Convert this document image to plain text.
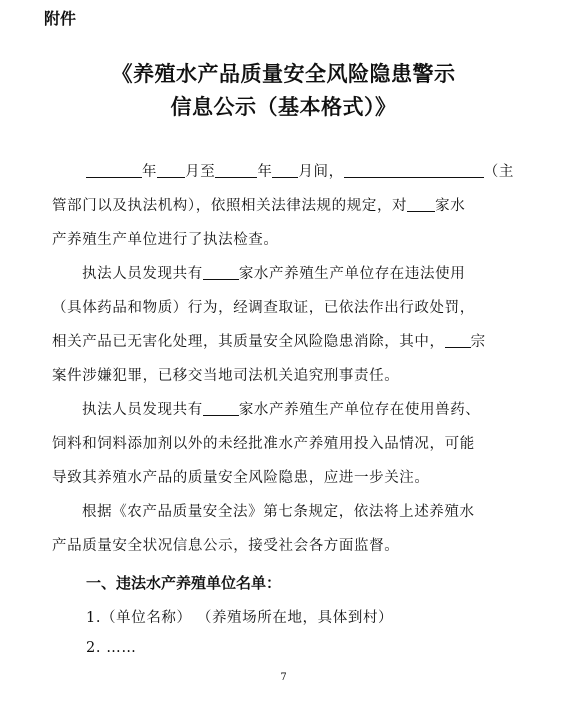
附件
《养殖水产品质量安全风险隐患警示
信息公示（基本格式）》
年 月至	年 月间，	（主
管部门以及执法机构），依照相关法律法规的规定，对 家水
产养殖生产单位进行了执法检查。
执法人员发现共有 家水产养殖生产单位存在违法使用
（具体药品和物质）行为，经调查取证，已依法作出行政处罚，
相关产品已无害化处理，其质量安全风险隐患消除，其中， 宗
案件涉嫌犯罪，已移交当地司法机关追究刑事责任。
执法人员发现共有 家水产养殖生产单位存在使用兽药、
饲料和饲料添加剂以外的未经批准水产养殖用投入品情况，可能
导致其养殖水产品的质量安全风险隐患，应进一步关注。
根据《农产品质量安全法》第七条规定，依法将上述养殖水
产品质量安全状况信息公示，接受社会各方面监督。
一、违法水产养殖单位名单：
1.（单位名称） （养殖场所在地，具体到村）
2. ……
7
